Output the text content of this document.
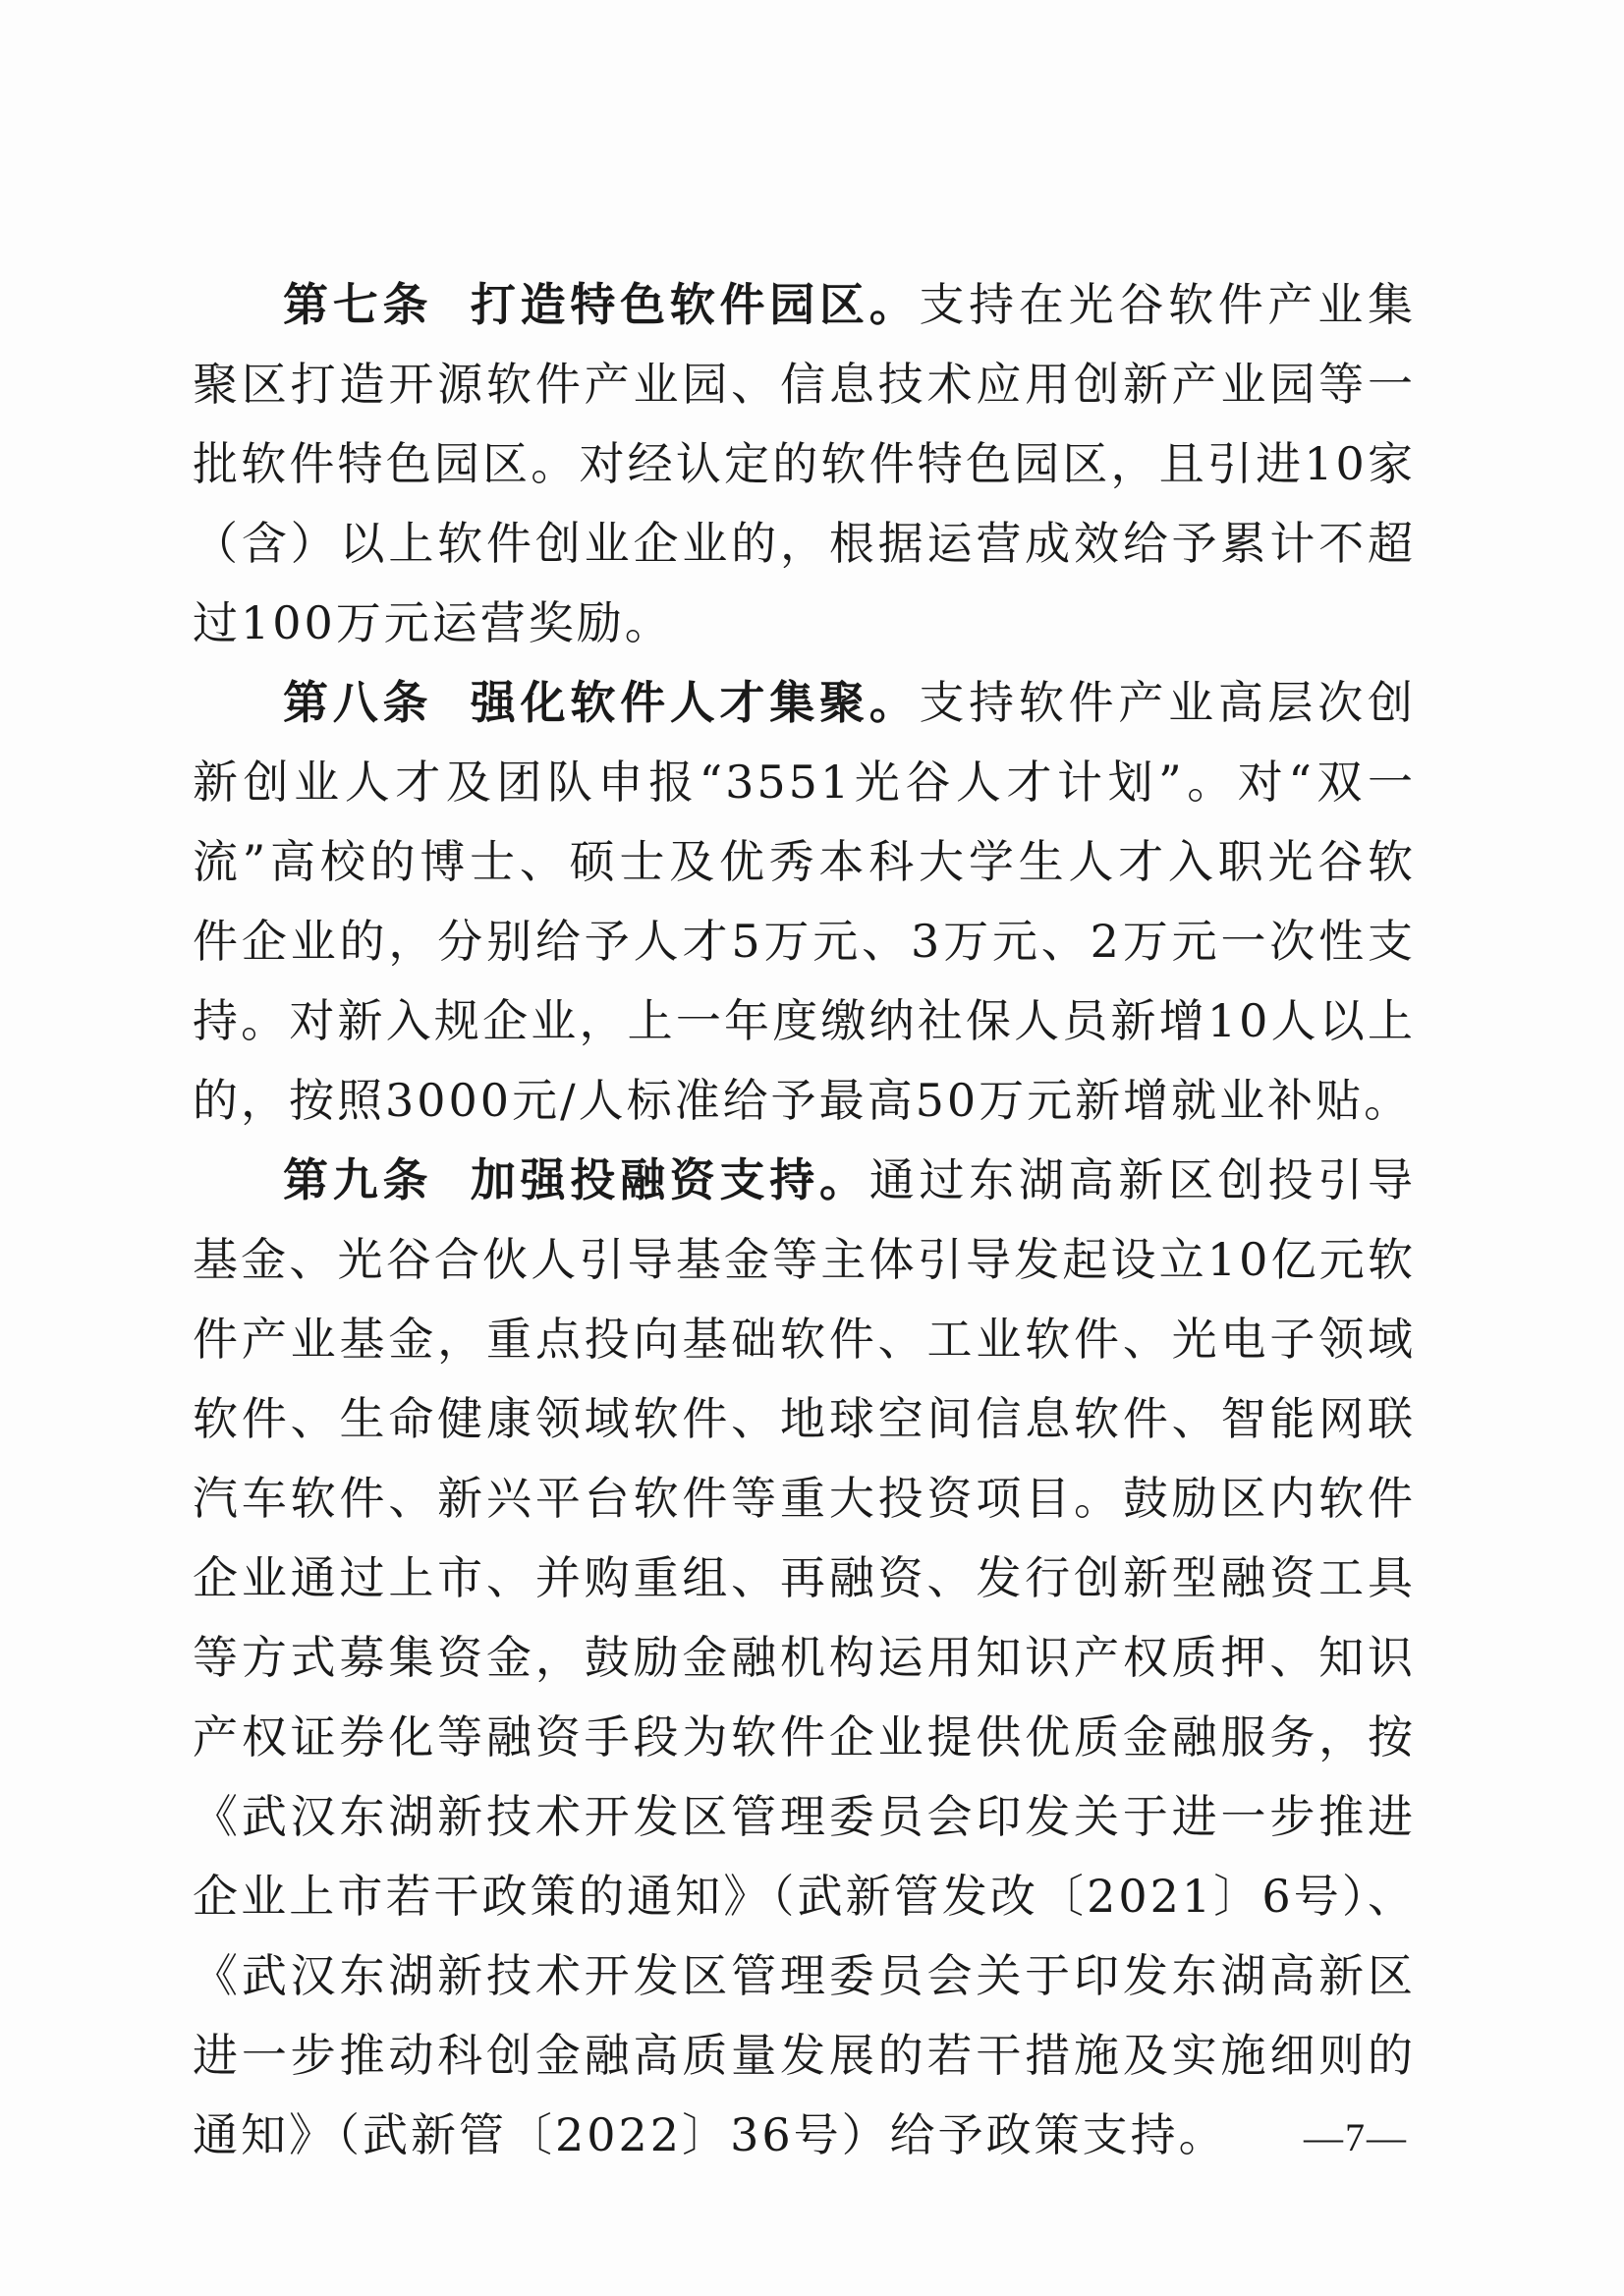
第七条 打造特色软件园区。支持在光谷软件产业集聚区打造开源软件产业园、信息技术应用创新产业园等一批软件特色园区。对经认定的软件特色园区，且引进10家（含）以上软件创业企业的，根据运营成效给予累计不超过100万元运营奖励。

第八条 强化软件人才集聚。支持软件产业高层次创新创业人才及团队申报“3551光谷人才计划”。对“双一流”高校的博士、硕士及优秀本科大学生人才入职光谷软件企业的，分别给予人才5万元、3万元、2万元一次性支持。对新入规企业，上一年度缴纳社保人员新增10人以上的，按照3000元/人标准给予最高50万元新增就业补贴。

第九条 加强投融资支持。通过东湖高新区创投引导基金、光谷合伙人引导基金等主体引导发起设立10亿元软件产业基金，重点投向基础软件、工业软件、光电子领域软件、生命健康领域软件、地球空间信息软件、智能网联汽车软件、新兴平台软件等重大投资项目。鼓励区内软件企业通过上市、并购重组、再融资、发行创新型融资工具等方式募集资金，鼓励金融机构运用知识产权质押、知识产权证券化等融资手段为软件企业提供优质金融服务，按《武汉东湖新技术开发区管理委员会印发关于进一步推进企业上市若干政策的通知》（武新管发改〔2021〕6号）、《武汉东湖新技术开发区管理委员会关于印发东湖高新区进一步推动科创金融高质量发展的若干措施及实施细则的通知》（武新管〔2022〕36号）给予政策支持。	—7—
